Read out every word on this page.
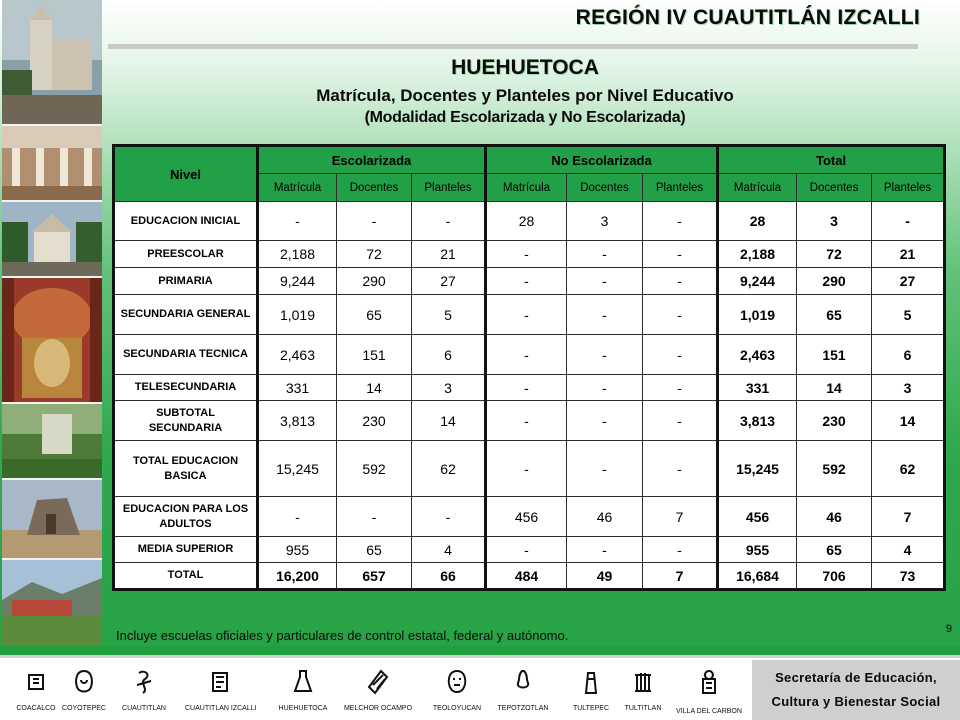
REGIÓN IV CUAUTITLÁN IZCALLI
HUEHUETOCA
Matrícula, Docentes y Planteles por Nivel Educativo
(Modalidad Escolarizada y No Escolarizada)
Nivel	Escolarizada			No Escolarizada			Total		
	Matrícula	Docentes	Planteles	Matrícula	Docentes	Planteles	Matrícula	Docentes	Planteles
EDUCACION INICIAL	-	-	-	28	3	-	28	3	-
PREESCOLAR	2,188	72	21	-	-	-	2,188	72	21
PRIMARIA	9,244	290	27	-	-	-	9,244	290	27
SECUNDARIA GENERAL	1,019	65	5	-	-	-	1,019	65	5
SECUNDARIA TECNICA	2,463	151	6	-	-	-	2,463	151	6
TELESECUNDARIA	331	14	3	-	-	-	331	14	3
SUBTOTAL SECUNDARIA	3,813	230	14	-	-	-	3,813	230	14
TOTAL EDUCACION BASICA	15,245	592	62	-	-	-	15,245	592	62
EDUCACION PARA LOS ADULTOS	-	-	-	456	46	7	456	46	7
MEDIA SUPERIOR	955	65	4	-	-	-	955	65	4
TOTAL	16,200	657	66	484	49	7	16,684	706	73
Incluye escuelas oficiales y particulares de control estatal, federal y autónomo.	9
COACALCO COYOTEPEC	CUAUTITLAN	CUAUTITLAN IZCALLI	HUEHUETOCA	MELCHOR OCAMPO	TEOLOYUCAN	TEPOTZOTLAN	TULTEPEC	TULTITLAN	VILLA DEL CARBON
Secretaría de Educación,
Cultura y Bienestar Social
